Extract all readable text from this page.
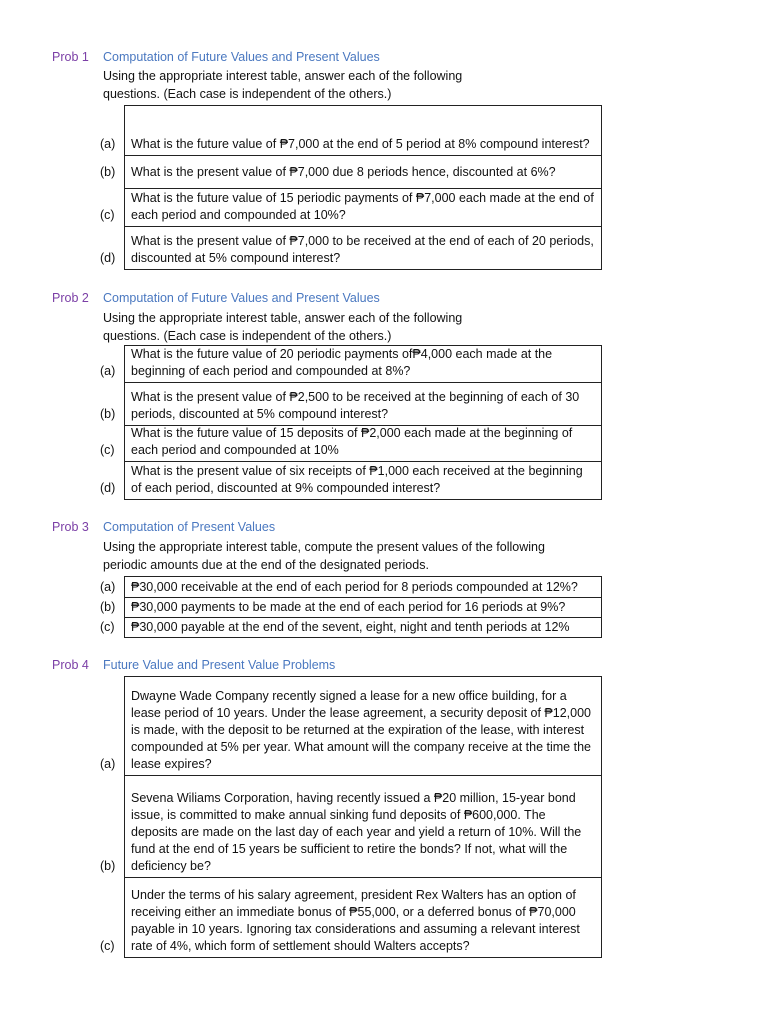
Prob 1 Computation of Future Values and Present Values
Using the appropriate interest table, answer each of the following questions. (Each case is independent of the others.)
(a) What is the future value of ₱7,000 at the end of 5 period at 8% compound interest?
(b) What is the present value of ₱7,000 due 8 periods hence, discounted at 6%?
(c)
What is the future value of 15 periodic payments of ₱7,000 each made at the end of each period and compounded at 10%?
(d)
What is the present value of ₱7,000 to be received at the end of each of 20 periods, discounted at 5% compound interest?
Prob 2 Computation of Future Values and Present Values
Using the appropriate interest table, answer each of the following questions. (Each case is independent of the others.)
(a)
What is the future value of 20 periodic payments of₱4,000 each made at the beginning of each period and compounded at 8%?
(b)
What is the present value of ₱2,500 to be received at the beginning of each of 30 periods, discounted at 5% compound interest?
(c)
What is the future value of 15 deposits of ₱2,000 each made at the beginning of each period and compounded at 10%
(d)
What is the present value of six receipts of ₱1,000 each received at the beginning of each period, discounted at 9% compounded interest?
Prob 3 Computation of Present Values
Using the appropriate interest table, compute the present values of the following periodic amounts due at the end of the designated periods.
(a) ₱30,000 receivable at the end of each period for 8 periods compounded at 12%?
(b) ₱30,000 payments to be made at the end of each period for 16 periods at 9%?
(c) ₱30,000 payable at the end of the sevent, eight, night and tenth periods at 12%
Prob 4 Future Value and Present Value Problems
(a)
Dwayne Wade Company recently signed a lease for a new office building, for a lease period of 10 years. Under the lease agreement, a security deposit of ₱12,000 is made, with the deposit to be returned at the expiration of the lease, with interest compounded at 5% per year. What amount will the company receive at the time the lease expires?
(b)
Sevena Wiliams Corporation, having recently issued a ₱20 million, 15-year bond issue, is committed to make annual sinking fund deposits of ₱600,000. The deposits are made on the last day of each year and yield a return of 10%. Will the fund at the end of 15 years be sufficient to retire the bonds? If not, what will the deficiency be?
(c)
Under the terms of his salary agreement, president Rex Walters has an option of receiving either an immediate bonus of ₱55,000, or a deferred bonus of ₱70,000 payable in 10 years. Ignoring tax considerations and assuming a relevant interest rate of 4%, which form of settlement should Walters accepts?
